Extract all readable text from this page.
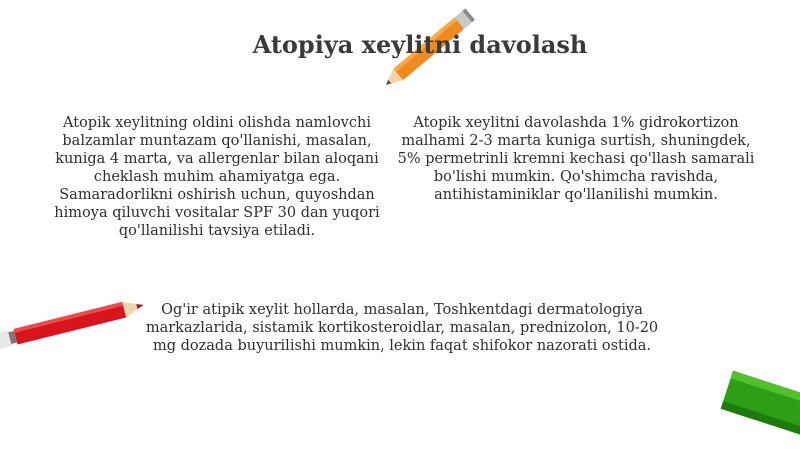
Atopiya xeylitni davolash

Atopik xeylitning oldini olishda namlovchi balzamlar muntazam qo'llanishi, masalan, kuniga 4 marta, va allergenlar bilan aloqani cheklash muhim ahamiyatga ega. Samaradorlikni oshirish uchun, quyoshdan himoya qiluvchi vositalar SPF 30 dan yuqori qo'llanilishi tavsiya etiladi.

Atopik xeylitni davolashda 1% gidrokortizon malhami 2-3 marta kuniga surtish, shuningdek, 5% permetrinli kremni kechasi qo'llash samarali bo'lishi mumkin. Qo'shimcha ravishda, antihistaminiklar qo'llanilishi mumkin.

Og'ir atipik xeylit hollarda, masalan, Toshkentdagi dermatologiya markazlarida, sistamik kortikosteroidlar, masalan, prednizolon, 10-20 mg dozada buyurilishi mumkin, lekin faqat shifokor nazorati ostida.
